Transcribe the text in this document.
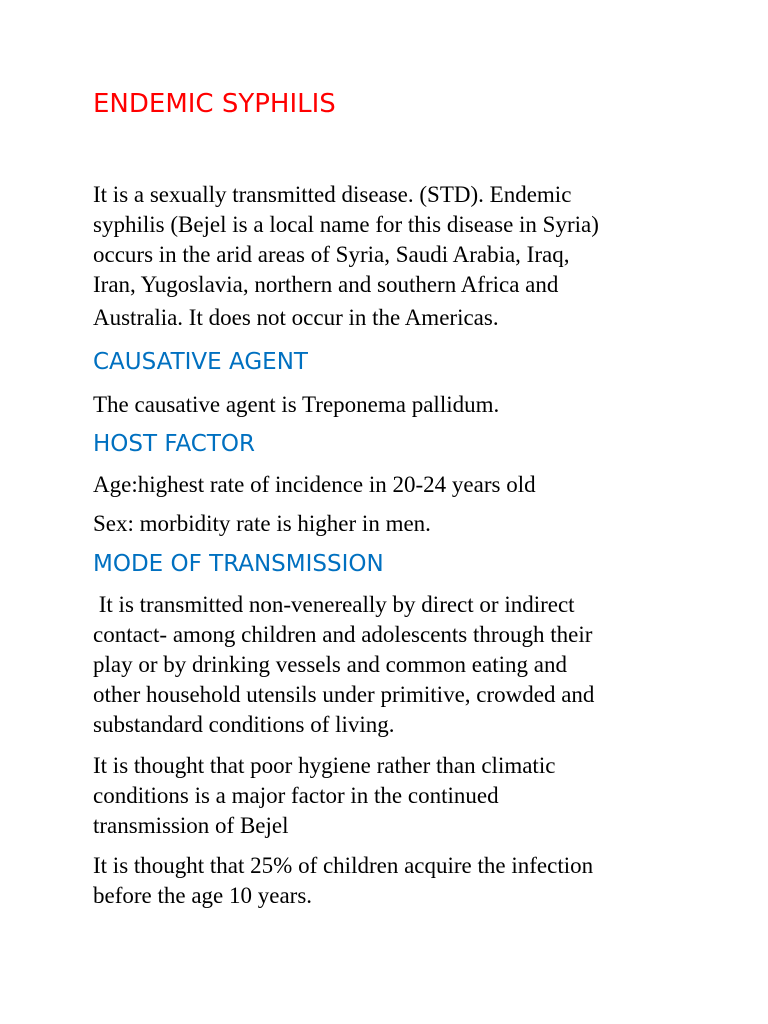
ENDEMIC SYPHILIS

It is a sexually transmitted disease. (STD). Endemic
syphilis (Bejel is a local name for this disease in Syria)
occurs in the arid areas of Syria, Saudi Arabia, Iraq,
Iran, Yugoslavia, northern and southern Africa and
Australia. It does not occur in the Americas.

CAUSATIVE AGENT

The causative agent is Treponema pallidum.

HOST FACTOR

Age:highest rate of incidence in 20-24 years old

Sex: morbidity rate is higher in men.

MODE OF TRANSMISSION

It is transmitted non-venereally by direct or indirect
contact- among children and adolescents through their
play or by drinking vessels and common eating and
other household utensils under primitive, crowded and
substandard conditions of living.

It is thought that poor hygiene rather than climatic
conditions is a major factor in the continued
transmission of Bejel

It is thought that 25% of children acquire the infection
before the age 10 years.
